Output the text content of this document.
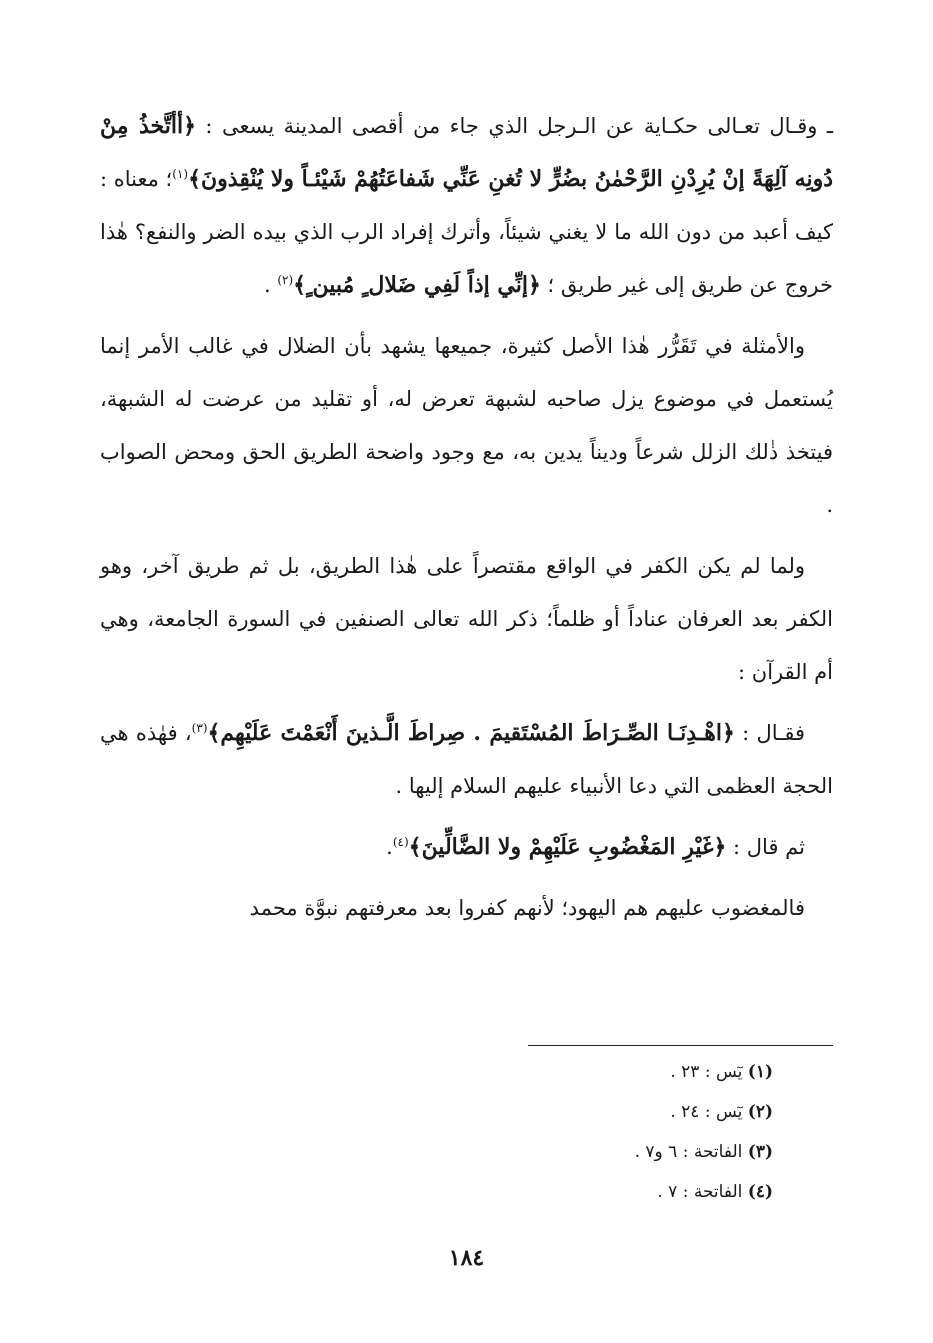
ـ وقـال تعـالى حكـاية عن الـرجل الذي جاء من أقصى المدينة يسعى : ﴿أأتَّخذُ مِنْ دُونِه آلِهَةً إنْ يُرِدْنِ الرَّحْمٰنُ بضُرٍّ لا تُغنِ عَنِّي شَفاعَتُهُمْ شَيْئـاً ولا يُنْقِذونَ﴾$^{(١)}$؛ معناه : كيف أعبد من دون الله ما لا يغني شيئاً، وأترك إفراد الرب الذي بيده الضر والنفع؟ هٰذا خروج عن طريق إلى غير طريق ؛ ﴿إنِّي إذاً لَفِي ضَلال ٍ مُبين ٍ﴾$^{(٢)}$ .

والأمثلة في تَقَرُّر هٰذا الأصل كثيرة، جميعها يشهد بأن الضلال في غالب الأمر إنما يُستعمل في موضوع يزل صاحبه لشبهة تعرض له، أو تقليد من عرضت له الشبهة، فيتخذ ذٰلك الزلل شرعاً وديناً يدين به، مع وجود واضحة الطريق الحق ومحض الصواب .

ولما لم يكن الكفر في الواقع مقتصراً على هٰذا الطريق، بل ثم طريق آخر، وهو الكفر بعد العرفان عناداً أو ظلماً؛ ذكر الله تعالى الصنفين في السورة الجامعة، وهي أم القرآن :

فقـال : ﴿اهْـدِنَـا الصِّـرَاطَ المُسْتَقيمَ . صِراطَ الَّـذينَ أَنْعَمْتَ عَلَيْهِم﴾$^{(٣)}$، فهٰذه هي الحجة العظمى التي دعا الأنبياء عليهم السلام إليها .

ثم قال : ﴿غَيْرِ المَغْضُوبِ عَلَيْهِمْ ولا الضَّالِّينَ﴾$^{(٤)}$.

فالمغضوب عليهم هم اليهود؛ لأنهم كفروا بعد معرفتهم نبوَّة محمد

(١) يٓس : ٢٣ .
(٢) يٓس : ٢٤ .
(٣) الفاتحة : ٦ و٧ .
(٤) الفاتحة : ٧ .
١٨٤
